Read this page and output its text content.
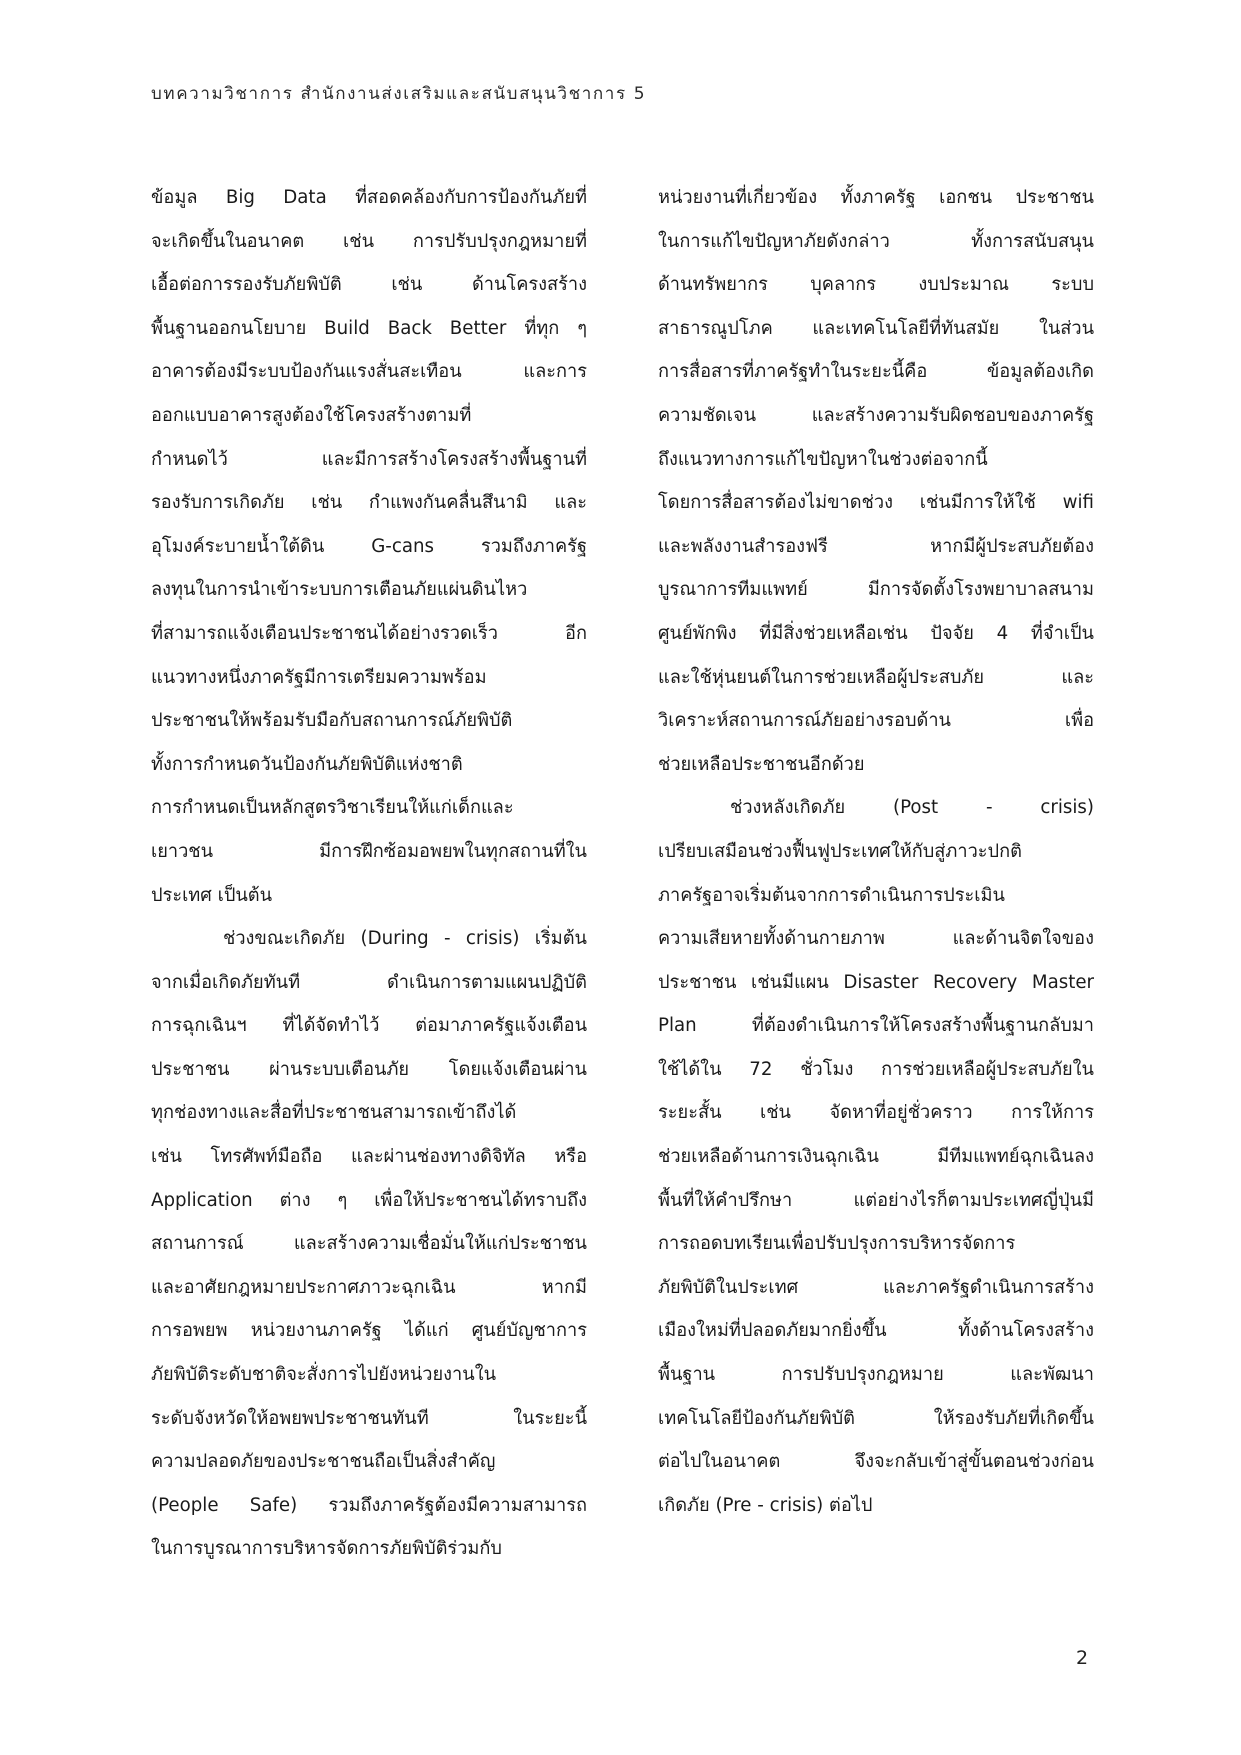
บทความวิชาการ สำนักงานส่งเสริมและสนับสนุนวิชาการ 5
ข้อมูล Big Data ที่สอดคล้องกับการป้องกันภัยที่
จะเกิดขึ้นในอนาคต เช่น การปรับปรุงกฎหมายที่
เอื้อต่อการรองรับภัยพิบัติ เช่น ด้านโครงสร้าง
พื้นฐานออกนโยบาย Build Back Better ที่ทุก ๆ
อาคารต้องมีระบบป้องกันแรงสั่นสะเทือน และการ
ออกแบบอาคารสูงต้องใช้โครงสร้างตามที่
กำหนดไว้ และมีการสร้างโครงสร้างพื้นฐานที่
รองรับการเกิดภัย เช่น กำแพงกันคลื่นสึนามิ และ
อุโมงค์ระบายน้ำใต้ดิน G-cans รวมถึงภาครัฐ
ลงทุนในการนำเข้าระบบการเตือนภัยแผ่นดินไหว
ที่สามารถแจ้งเตือนประชาชนได้อย่างรวดเร็ว อีก
แนวทางหนึ่งภาครัฐมีการเตรียมความพร้อม
ประชาชนให้พร้อมรับมือกับสถานการณ์ภัยพิบัติ
ทั้งการกำหนดวันป้องกันภัยพิบัติแห่งชาติ
การกำหนดเป็นหลักสูตรวิชาเรียนให้แก่เด็กและ
เยาวชน มีการฝึกซ้อมอพยพในทุกสถานที่ใน
ประเทศ เป็นต้น
ช่วงขณะเกิดภัย (During - crisis) เริ่มต้น
จากเมื่อเกิดภัยทันที ดำเนินการตามแผนปฏิบัติ
การฉุกเฉินฯ ที่ได้จัดทำไว้ ต่อมาภาครัฐแจ้งเตือน
ประชาชน ผ่านระบบเตือนภัย โดยแจ้งเตือนผ่าน
ทุกช่องทางและสื่อที่ประชาชนสามารถเข้าถึงได้
เช่น โทรศัพท์มือถือ และผ่านช่องทางดิจิทัล หรือ
Application ต่าง ๆ เพื่อให้ประชาชนได้ทราบถึง
สถานการณ์ และสร้างความเชื่อมั่นให้แก่ประชาชน
และอาศัยกฎหมายประกาศภาวะฉุกเฉิน หากมี
การอพยพ หน่วยงานภาครัฐ ได้แก่ ศูนย์บัญชาการ
ภัยพิบัติระดับชาติจะสั่งการไปยังหน่วยงานใน
ระดับจังหวัดให้อพยพประชาชนทันที ในระยะนี้
ความปลอดภัยของประชาชนถือเป็นสิ่งสำคัญ
(People Safe) รวมถึงภาครัฐต้องมีความสามารถ
ในการบูรณาการบริหารจัดการภัยพิบัติร่วมกับ
หน่วยงานที่เกี่ยวข้อง ทั้งภาครัฐ เอกชน ประชาชน
ในการแก้ไขปัญหาภัยดังกล่าว ทั้งการสนับสนุน
ด้านทรัพยากร บุคลากร งบประมาณ ระบบ
สาธารณูปโภค และเทคโนโลยีที่ทันสมัย ในส่วน
การสื่อสารที่ภาครัฐทำในระยะนี้คือ ข้อมูลต้องเกิด
ความชัดเจน และสร้างความรับผิดชอบของภาครัฐ
ถึงแนวทางการแก้ไขปัญหาในช่วงต่อจากนี้
โดยการสื่อสารต้องไม่ขาดช่วง เช่นมีการให้ใช้ wifi
และพลังงานสำรองฟรี หากมีผู้ประสบภัยต้อง
บูรณาการทีมแพทย์ มีการจัดตั้งโรงพยาบาลสนาม
ศูนย์พักพิง ที่มีสิ่งช่วยเหลือเช่น ปัจจัย 4 ที่จำเป็น
และใช้หุ่นยนต์ในการช่วยเหลือผู้ประสบภัย และ
วิเคราะห์สถานการณ์ภัยอย่างรอบด้าน เพื่อ
ช่วยเหลือประชาชนอีกด้วย
ช่วงหลังเกิดภัย (Post - crisis)
เปรียบเสมือนช่วงฟื้นฟูประเทศให้กับสู่ภาวะปกติ
ภาครัฐอาจเริ่มต้นจากการดำเนินการประเมิน
ความเสียหายทั้งด้านกายภาพ และด้านจิตใจของ
ประชาชน เช่นมีแผน Disaster Recovery Master
Plan ที่ต้องดำเนินการให้โครงสร้างพื้นฐานกลับมา
ใช้ได้ใน 72 ชั่วโมง การช่วยเหลือผู้ประสบภัยใน
ระยะสั้น เช่น จัดหาที่อยู่ชั่วคราว การให้การ
ช่วยเหลือด้านการเงินฉุกเฉิน มีทีมแพทย์ฉุกเฉินลง
พื้นที่ให้คำปรึกษา แต่อย่างไรก็ตามประเทศญี่ปุ่นมี
การถอดบทเรียนเพื่อปรับปรุงการบริหารจัดการ
ภัยพิบัติในประเทศ และภาครัฐดำเนินการสร้าง
เมืองใหม่ที่ปลอดภัยมากยิ่งขึ้น ทั้งด้านโครงสร้าง
พื้นฐาน การปรับปรุงกฎหมาย และพัฒนา
เทคโนโลยีป้องกันภัยพิบัติ ให้รองรับภัยที่เกิดขึ้น
ต่อไปในอนาคต จึงจะกลับเข้าสู่ขั้นตอนช่วงก่อน
เกิดภัย (Pre - crisis) ต่อไป
2
